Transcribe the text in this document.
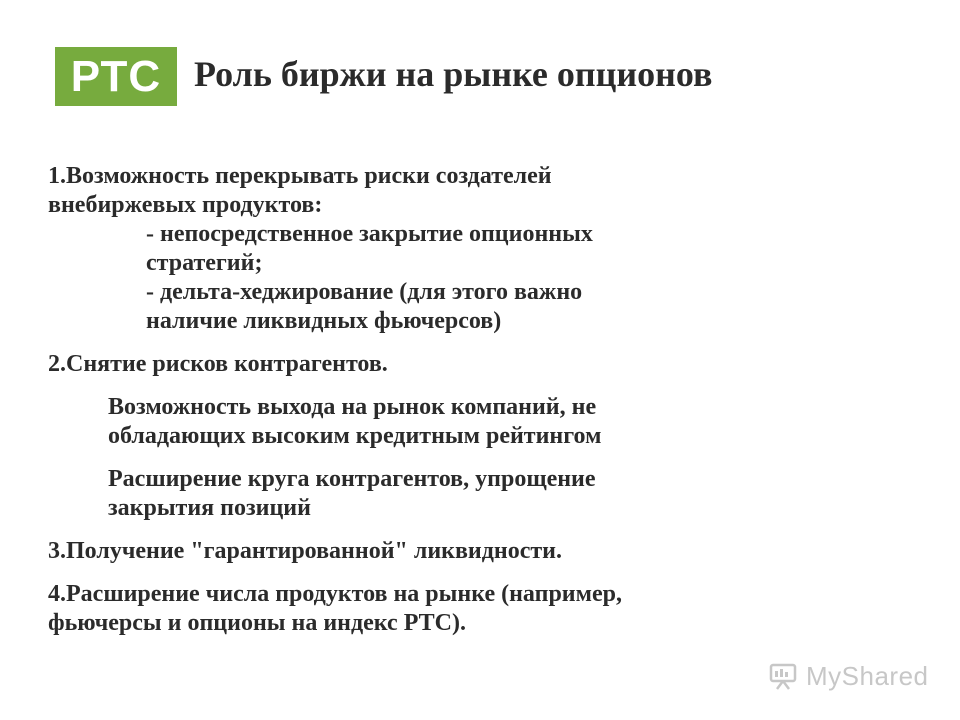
РТС Роль биржи на рынке опционов
1.Возможность перекрывать риски создателей
внебиржевых продуктов:
- непосредственное закрытие опционных
стратегий;
- дельта-хеджирование (для этого важно
наличие ликвидных фьючерсов)
2.Снятие рисков контрагентов.
Возможность выхода на рынок компаний, не
обладающих высоким кредитным рейтингом
Расширение круга контрагентов, упрощение
закрытия позиций
3.Получение "гарантированной" ликвидности.
4.Расширение числа продуктов на рынке (например,
фьючерсы и опционы на индекс РТС).
MyShared
